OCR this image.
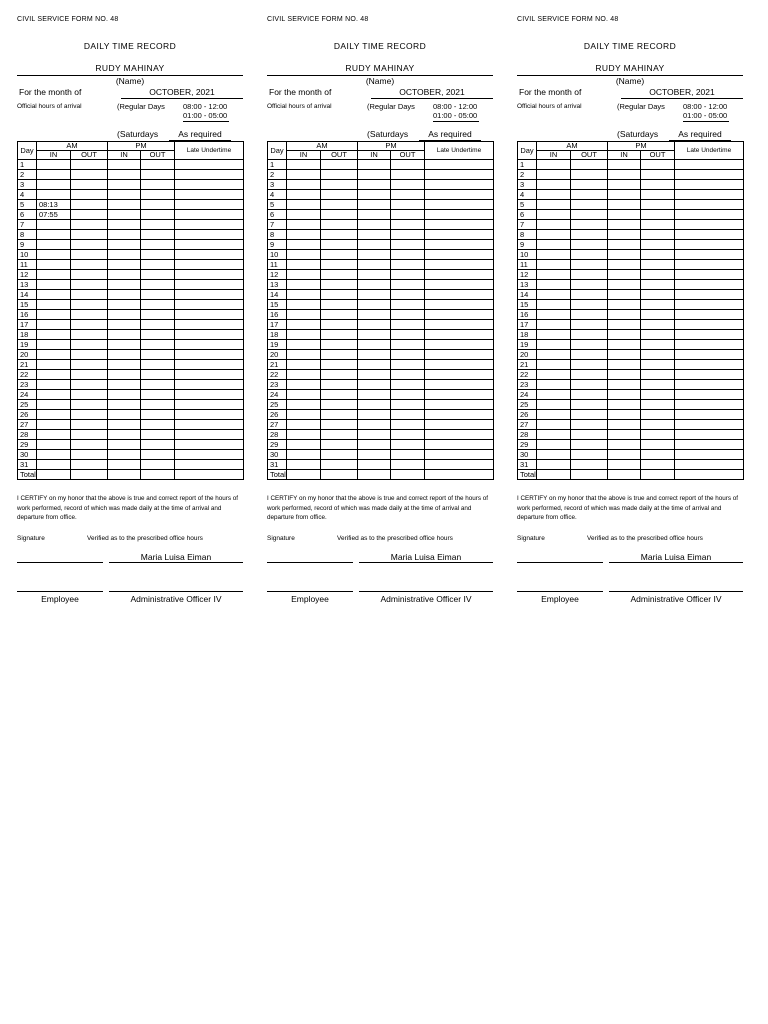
CIVIL SERVICE FORM NO. 48
DAILY TIME RECORD
RUDY MAHINAY
(Name)
For the month of	OCTOBER, 2021
Official hours of arrival	(Regular Days 08:00 - 12:00
01:00 - 05:00
(Saturdays	As required
Day	AM		PM		Late Undertime
	IN	OUT	IN	OUT	
1					
2					
3					
4					
5	08:13				
6	07:55				
7					
8					
9					
10					
11					
12					
13					
14					
15					
16					
17					
18					
19					
20					
21					
22					
23					
24					
25					
26					
27					
28					
29					
30					
31					
Total					
I CERTIFY on my honor that the above is true and correct report of the hours of work performed, record of which was made daily at the time of arrival and departure from office.
Signature	Verified as to the prescribed office hours
Maria Luisa Eiman
Employee	Administrative Officer IV
CIVIL SERVICE FORM NO. 48
DAILY TIME RECORD
RUDY MAHINAY
(Name)
For the month of	OCTOBER, 2021
Official hours of arrival	(Regular Days 08:00 - 12:00
01:00 - 05:00
(Saturdays	As required
Day	AM		PM		Late Undertime
	IN	OUT	IN	OUT	
1					
2					
3					
4					
5					
6					
7					
8					
9					
10					
11					
12					
13					
14					
15					
16					
17					
18					
19					
20					
21					
22					
23					
24					
25					
26					
27					
28					
29					
30					
31					
Total					
I CERTIFY on my honor that the above is true and correct report of the hours of work performed, record of which was made daily at the time of arrival and departure from office.
Signature	Verified as to the prescribed office hours
Maria Luisa Eiman
Employee	Administrative Officer IV
CIVIL SERVICE FORM NO. 48
DAILY TIME RECORD
RUDY MAHINAY
(Name)
For the month of	OCTOBER, 2021
Official hours of arrival	(Regular Days 08:00 - 12:00
01:00 - 05:00
(Saturdays	As required
Day	AM		PM		Late Undertime
	IN	OUT	IN	OUT	
1					
2					
3					
4					
5					
6					
7					
8					
9					
10					
11					
12					
13					
14					
15					
16					
17					
18					
19					
20					
21					
22					
23					
24					
25					
26					
27					
28					
29					
30					
31					
Total					
I CERTIFY on my honor that the above is true and correct report of the hours of work performed, record of which was made daily at the time of arrival and departure from office.
Signature	Verified as to the prescribed office hours
Maria Luisa Eiman
Employee	Administrative Officer IV
